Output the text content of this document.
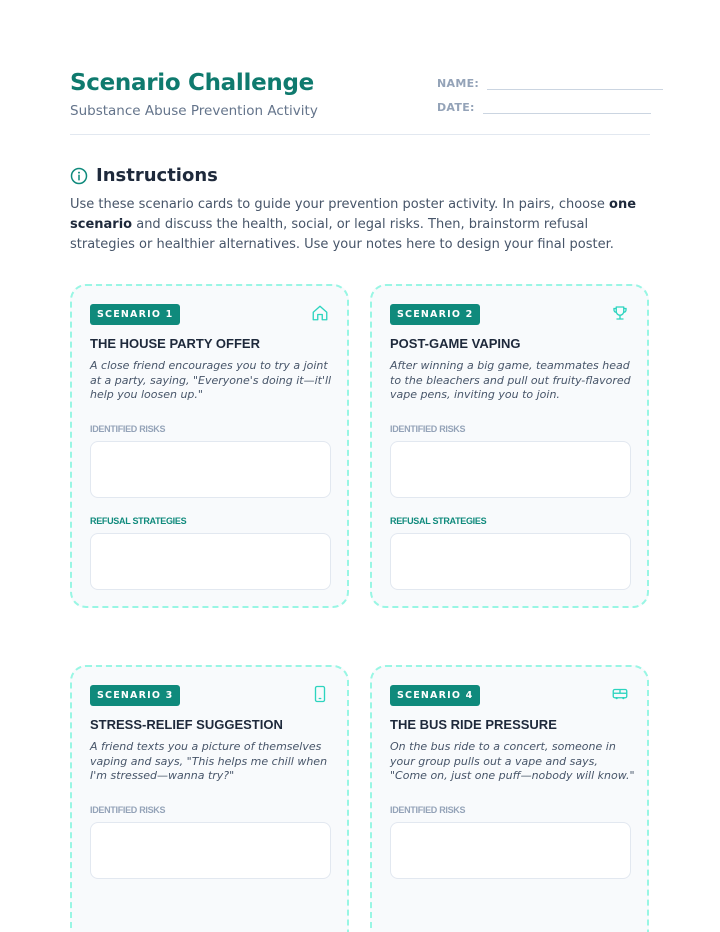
Scenario Challenge
Substance Abuse Prevention Activity
NAME:
DATE:
Instructions

Use these scenario cards to guide your prevention poster activity. In pairs, choose one scenario and discuss the health, social, or legal risks. Then, brainstorm refusal strategies or healthier alternatives. Use your notes here to design your final poster.

SCENARIO 1
THE HOUSE PARTY OFFER
A close friend encourages you to try a joint at a party, saying, "Everyone's doing it—it'll help you loosen up."
IDENTIFIED RISKS
REFUSAL STRATEGIES
SCENARIO 2
POST-GAME VAPING
After winning a big game, teammates head to the bleachers and pull out fruity-flavored vape pens, inviting you to join.
IDENTIFIED RISKS
REFUSAL STRATEGIES
SCENARIO 3
STRESS-RELIEF SUGGESTION
A friend texts you a picture of themselves vaping and says, "This helps me chill when I'm stressed—wanna try?"
IDENTIFIED RISKS
SCENARIO 4
THE BUS RIDE PRESSURE
On the bus ride to a concert, someone in your group pulls out a vape and says, "Come on, just one puff—nobody will know."
IDENTIFIED RISKS
